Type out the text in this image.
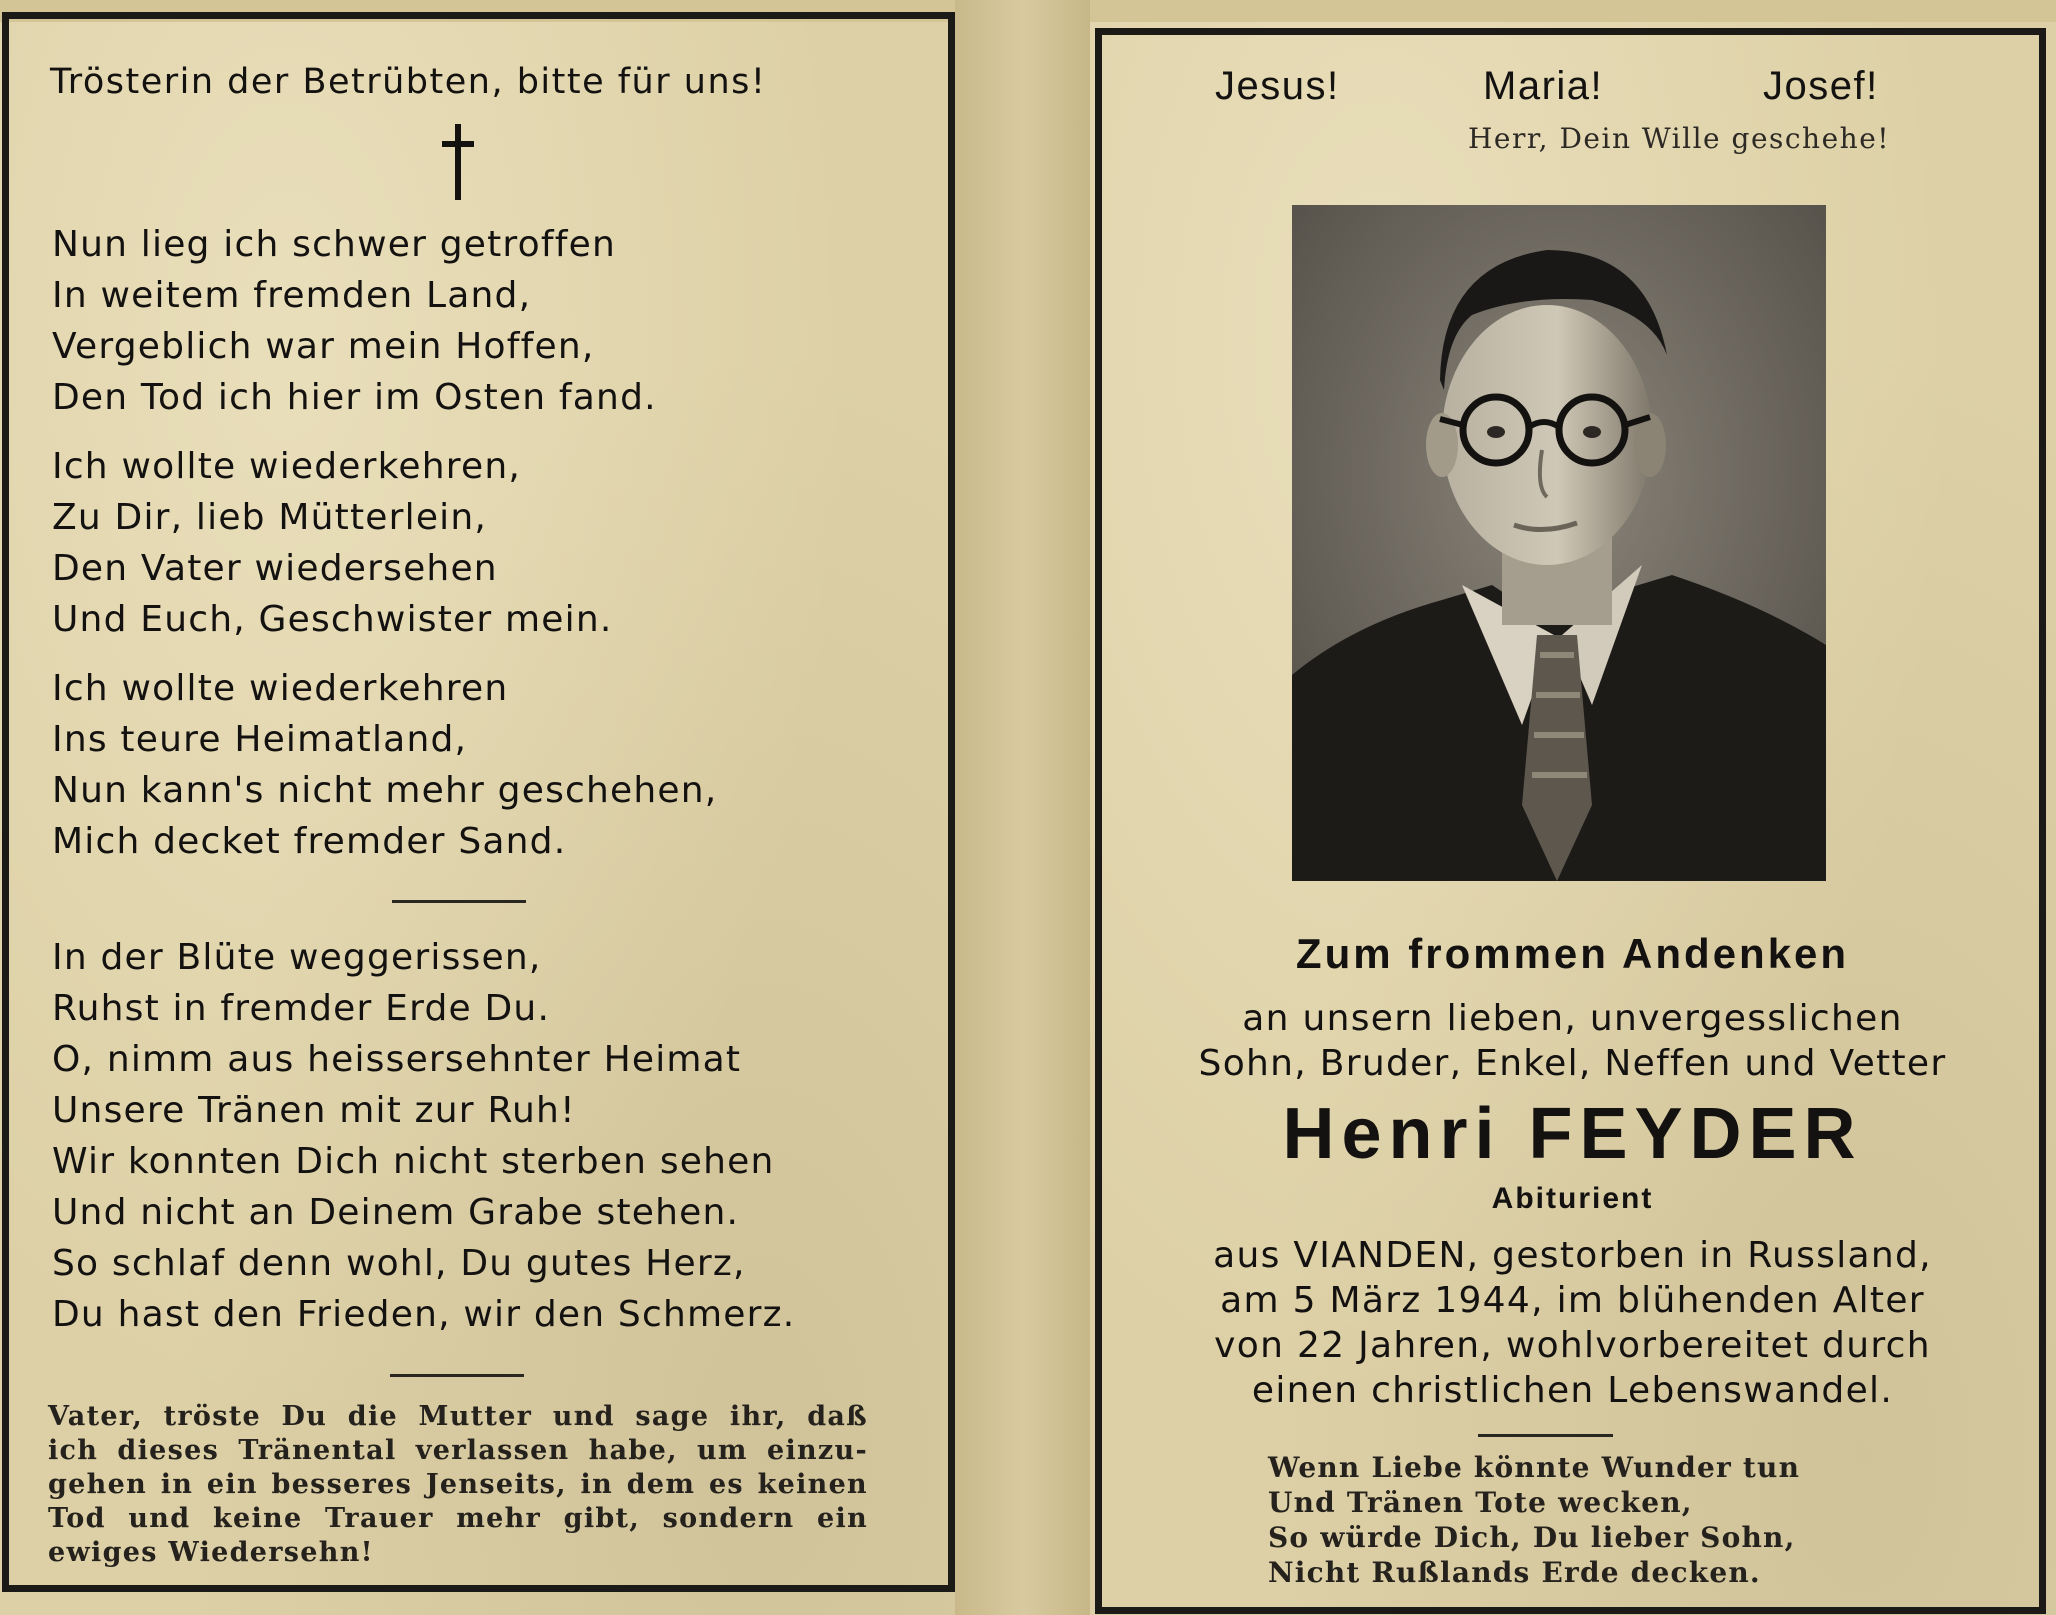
Trösterin der Betrübten, bitte für uns!
Nun lieg ich schwer getroffen
In weitem fremden Land,
Vergeblich war mein Hoffen,
Den Tod ich hier im Osten fand.
Ich wollte wiederkehren,
Zu Dir, lieb Mütterlein,
Den Vater wiedersehen
Und Euch, Geschwister mein.
Ich wollte wiederkehren
Ins teure Heimatland,
Nun kann's nicht mehr geschehen,
Mich decket fremder Sand.
In der Blüte weggerissen,
Ruhst in fremder Erde Du.
O, nimm aus heissersehnter Heimat
Unsere Tränen mit zur Ruh!
Wir konnten Dich nicht sterben sehen
Und nicht an Deinem Grabe stehen.
So schlaf denn wohl, Du gutes Herz,
Du hast den Frieden, wir den Schmerz.
Vater, tröste Du die Mutter und sage ihr, daß
ich dieses Tränental verlassen habe, um einzu-
gehen in ein besseres Jenseits, in dem es keinen
Tod und keine Trauer mehr gibt, sondern ein
ewiges Wiedersehn!
Jesus!	Maria!	Josef!
Herr, Dein Wille geschehe!
Zum frommen Andenken
an unsern lieben, unvergesslichen
Sohn, Bruder, Enkel, Neffen und Vetter
Henri FEYDER
Abiturient
aus VIANDEN, gestorben in Russland,
am 5 März 1944, im blühenden Alter
von 22 Jahren, wohlvorbereitet durch
einen christlichen Lebenswandel.
Wenn Liebe könnte Wunder tun
Und Tränen Tote wecken,
So würde Dich, Du lieber Sohn,
Nicht Rußlands Erde decken.
